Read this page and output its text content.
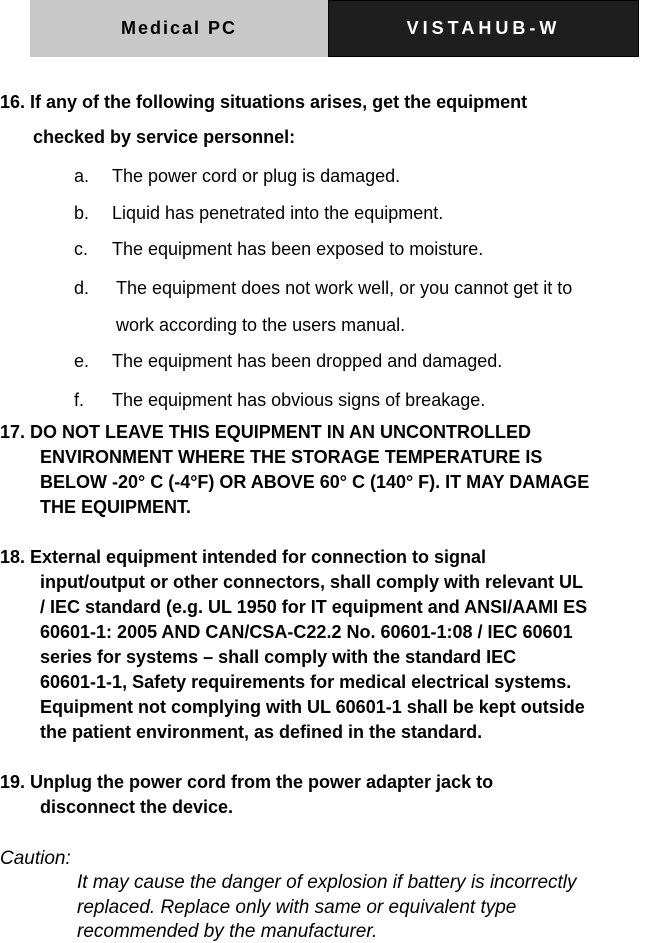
Medical PC	VISTAHUB-W
16. If any of the following situations arises, get the equipment
checked by service personnel:
a. The power cord or plug is damaged.
b. Liquid has penetrated into the equipment.
c. The equipment has been exposed to moisture.
d. The equipment does not work well, or you cannot get it to
work according to the users manual.
e. The equipment has been dropped and damaged.
f. The equipment has obvious signs of breakage.
17. DO NOT LEAVE THIS EQUIPMENT IN AN UNCONTROLLED
ENVIRONMENT WHERE THE STORAGE TEMPERATURE IS
BELOW -20° C (-4°F) OR ABOVE 60° C (140° F). IT MAY DAMAGE
THE EQUIPMENT.
18. External equipment intended for connection to signal
input/output or other connectors, shall comply with relevant UL
/ IEC standard (e.g. UL 1950 for IT equipment and ANSI/AAMI ES
60601-1: 2005 AND CAN/CSA-C22.2 No. 60601-1:08 / IEC 60601
series for systems – shall comply with the standard IEC
60601-1-1, Safety requirements for medical electrical systems.
Equipment not complying with UL 60601-1 shall be kept outside
the patient environment, as defined in the standard.
19. Unplug the power cord from the power adapter jack to
disconnect the device.
Caution:
It may cause the danger of explosion if battery is incorrectly
replaced. Replace only with same or equivalent type
recommended by the manufacturer.
